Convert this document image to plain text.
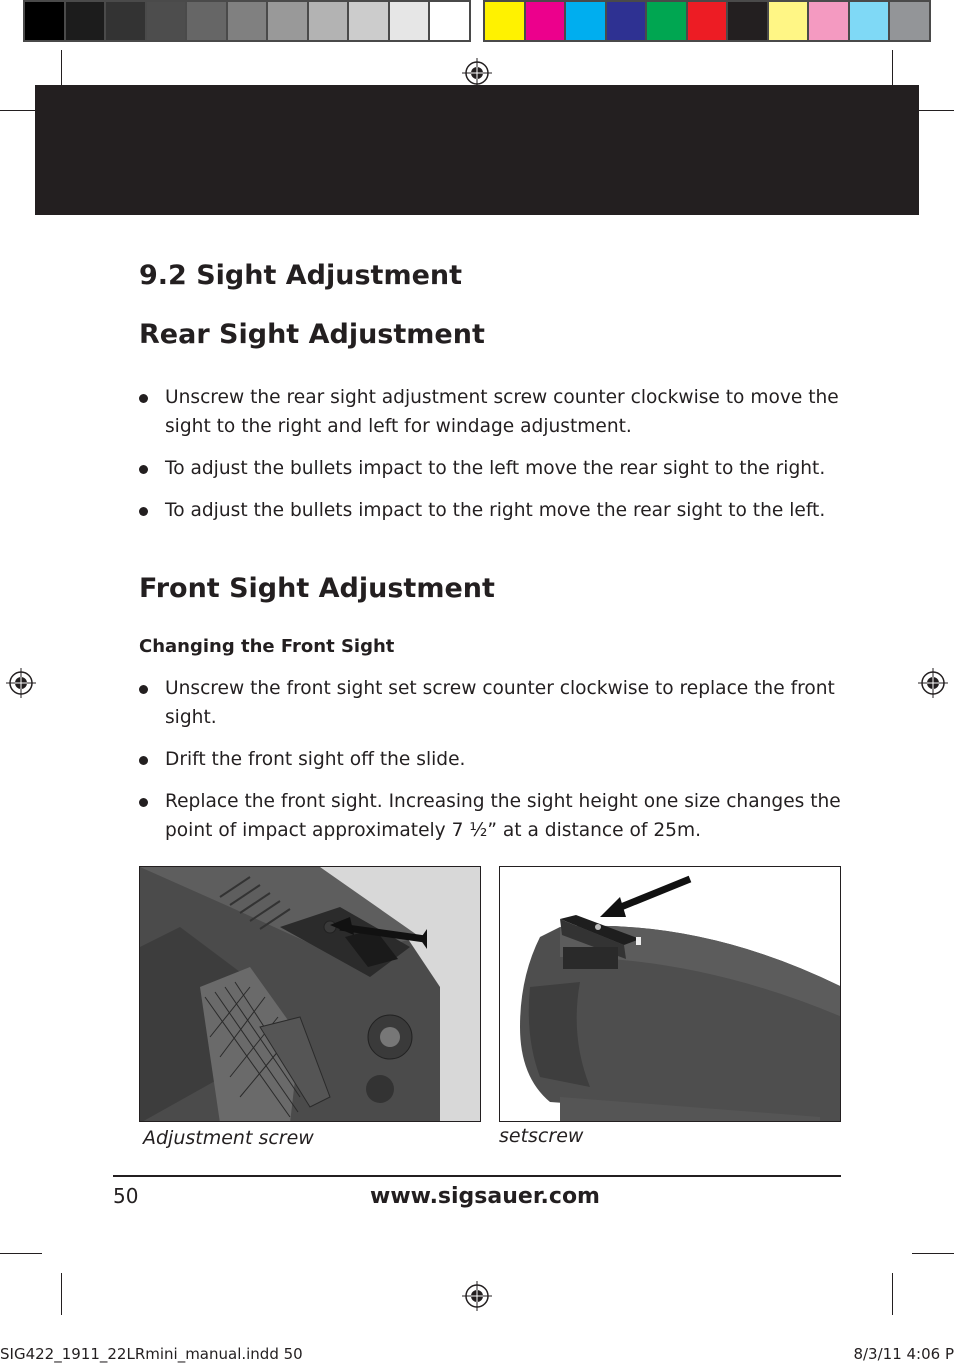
9.2 Sight Adjustment
Rear Sight Adjustment
Unscrew the rear sight adjustment screw counter clockwise to move the sight to the right and left for windage adjustment.
To adjust the bullets impact to the left move the rear sight to the right.
To adjust the bullets impact to the right move the rear sight to the left.
Front Sight Adjustment
Changing the Front Sight
Unscrew the front sight set screw counter clockwise to replace the front sight.
Drift the front sight off the slide.
Replace the front sight. Increasing the sight height one size changes the point of impact approximately 7 ½” at a distance of 25m.
Adjustment screw	setscrew
50	www.sigsauer.com
SIG422_1911_22LRmini_manual.indd 50	8/3/11 4:06 P
